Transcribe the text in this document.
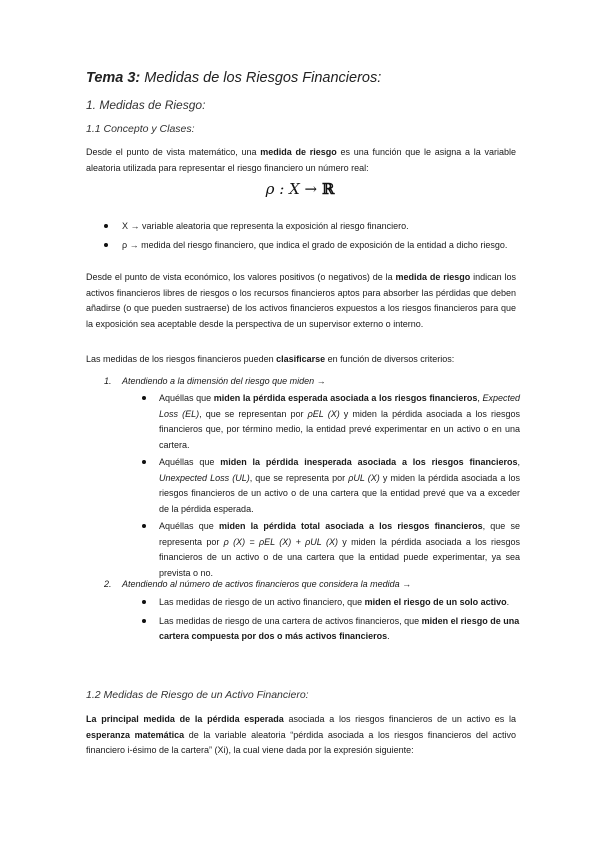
Tema 3: Medidas de los Riesgos Financieros:
1. Medidas de Riesgo:
1.1 Concepto y Clases:
Desde el punto de vista matemático, una medida de riesgo es una función que le asigna a la variable aleatoria utilizada para representar el riesgo financiero un número real:
ρ : X → ℝ
X → variable aleatoria que representa la exposición al riesgo financiero.
ρ → medida del riesgo financiero, que indica el grado de exposición de la entidad a dicho riesgo.
Desde el punto de vista económico, los valores positivos (o negativos) de la medida de riesgo indican los activos financieros libres de riesgos o los recursos financieros aptos para absorber las pérdidas que deben añadirse (o que pueden sustraerse) de los activos financieros expuestos a los riesgos financieros para que la exposición sea aceptable desde la perspectiva de un supervisor externo o interno.
Las medidas de los riesgos financieros pueden clasificarse en función de diversos criterios:
1. Atendiendo a la dimensión del riesgo que miden →
Aquéllas que miden la pérdida esperada asociada a los riesgos financieros, Expected Loss (EL), que se representan por ρEL (X) y miden la pérdida asociada a los riesgos financieros que, por término medio, la entidad prevé experimentar en un activo o en una cartera.
Aquéllas que miden la pérdida inesperada asociada a los riesgos financieros, Unexpected Loss (UL), que se representa por ρUL (X) y miden la pérdida asociada a los riesgos financieros de un activo o de una cartera que la entidad prevé que va a exceder de la pérdida esperada.
Aquéllas que miden la pérdida total asociada a los riesgos financieros, que se representa por ρ (X) = ρEL (X) + ρUL (X) y miden la pérdida asociada a los riesgos financieros de un activo o de una cartera que la entidad puede experimentar, ya sea prevista o no.
2. Atendiendo al número de activos financieros que considera la medida →
Las medidas de riesgo de un activo financiero, que miden el riesgo de un solo activo.
Las medidas de riesgo de una cartera de activos financieros, que miden el riesgo de una cartera compuesta por dos o más activos financieros.
1.2 Medidas de Riesgo de un Activo Financiero:
La principal medida de la pérdida esperada asociada a los riesgos financieros de un activo es la esperanza matemática de la variable aleatoria “pérdida asociada a los riesgos financieros del activo financiero i-ésimo de la cartera” (Xi), la cual viene dada por la expresión siguiente:
